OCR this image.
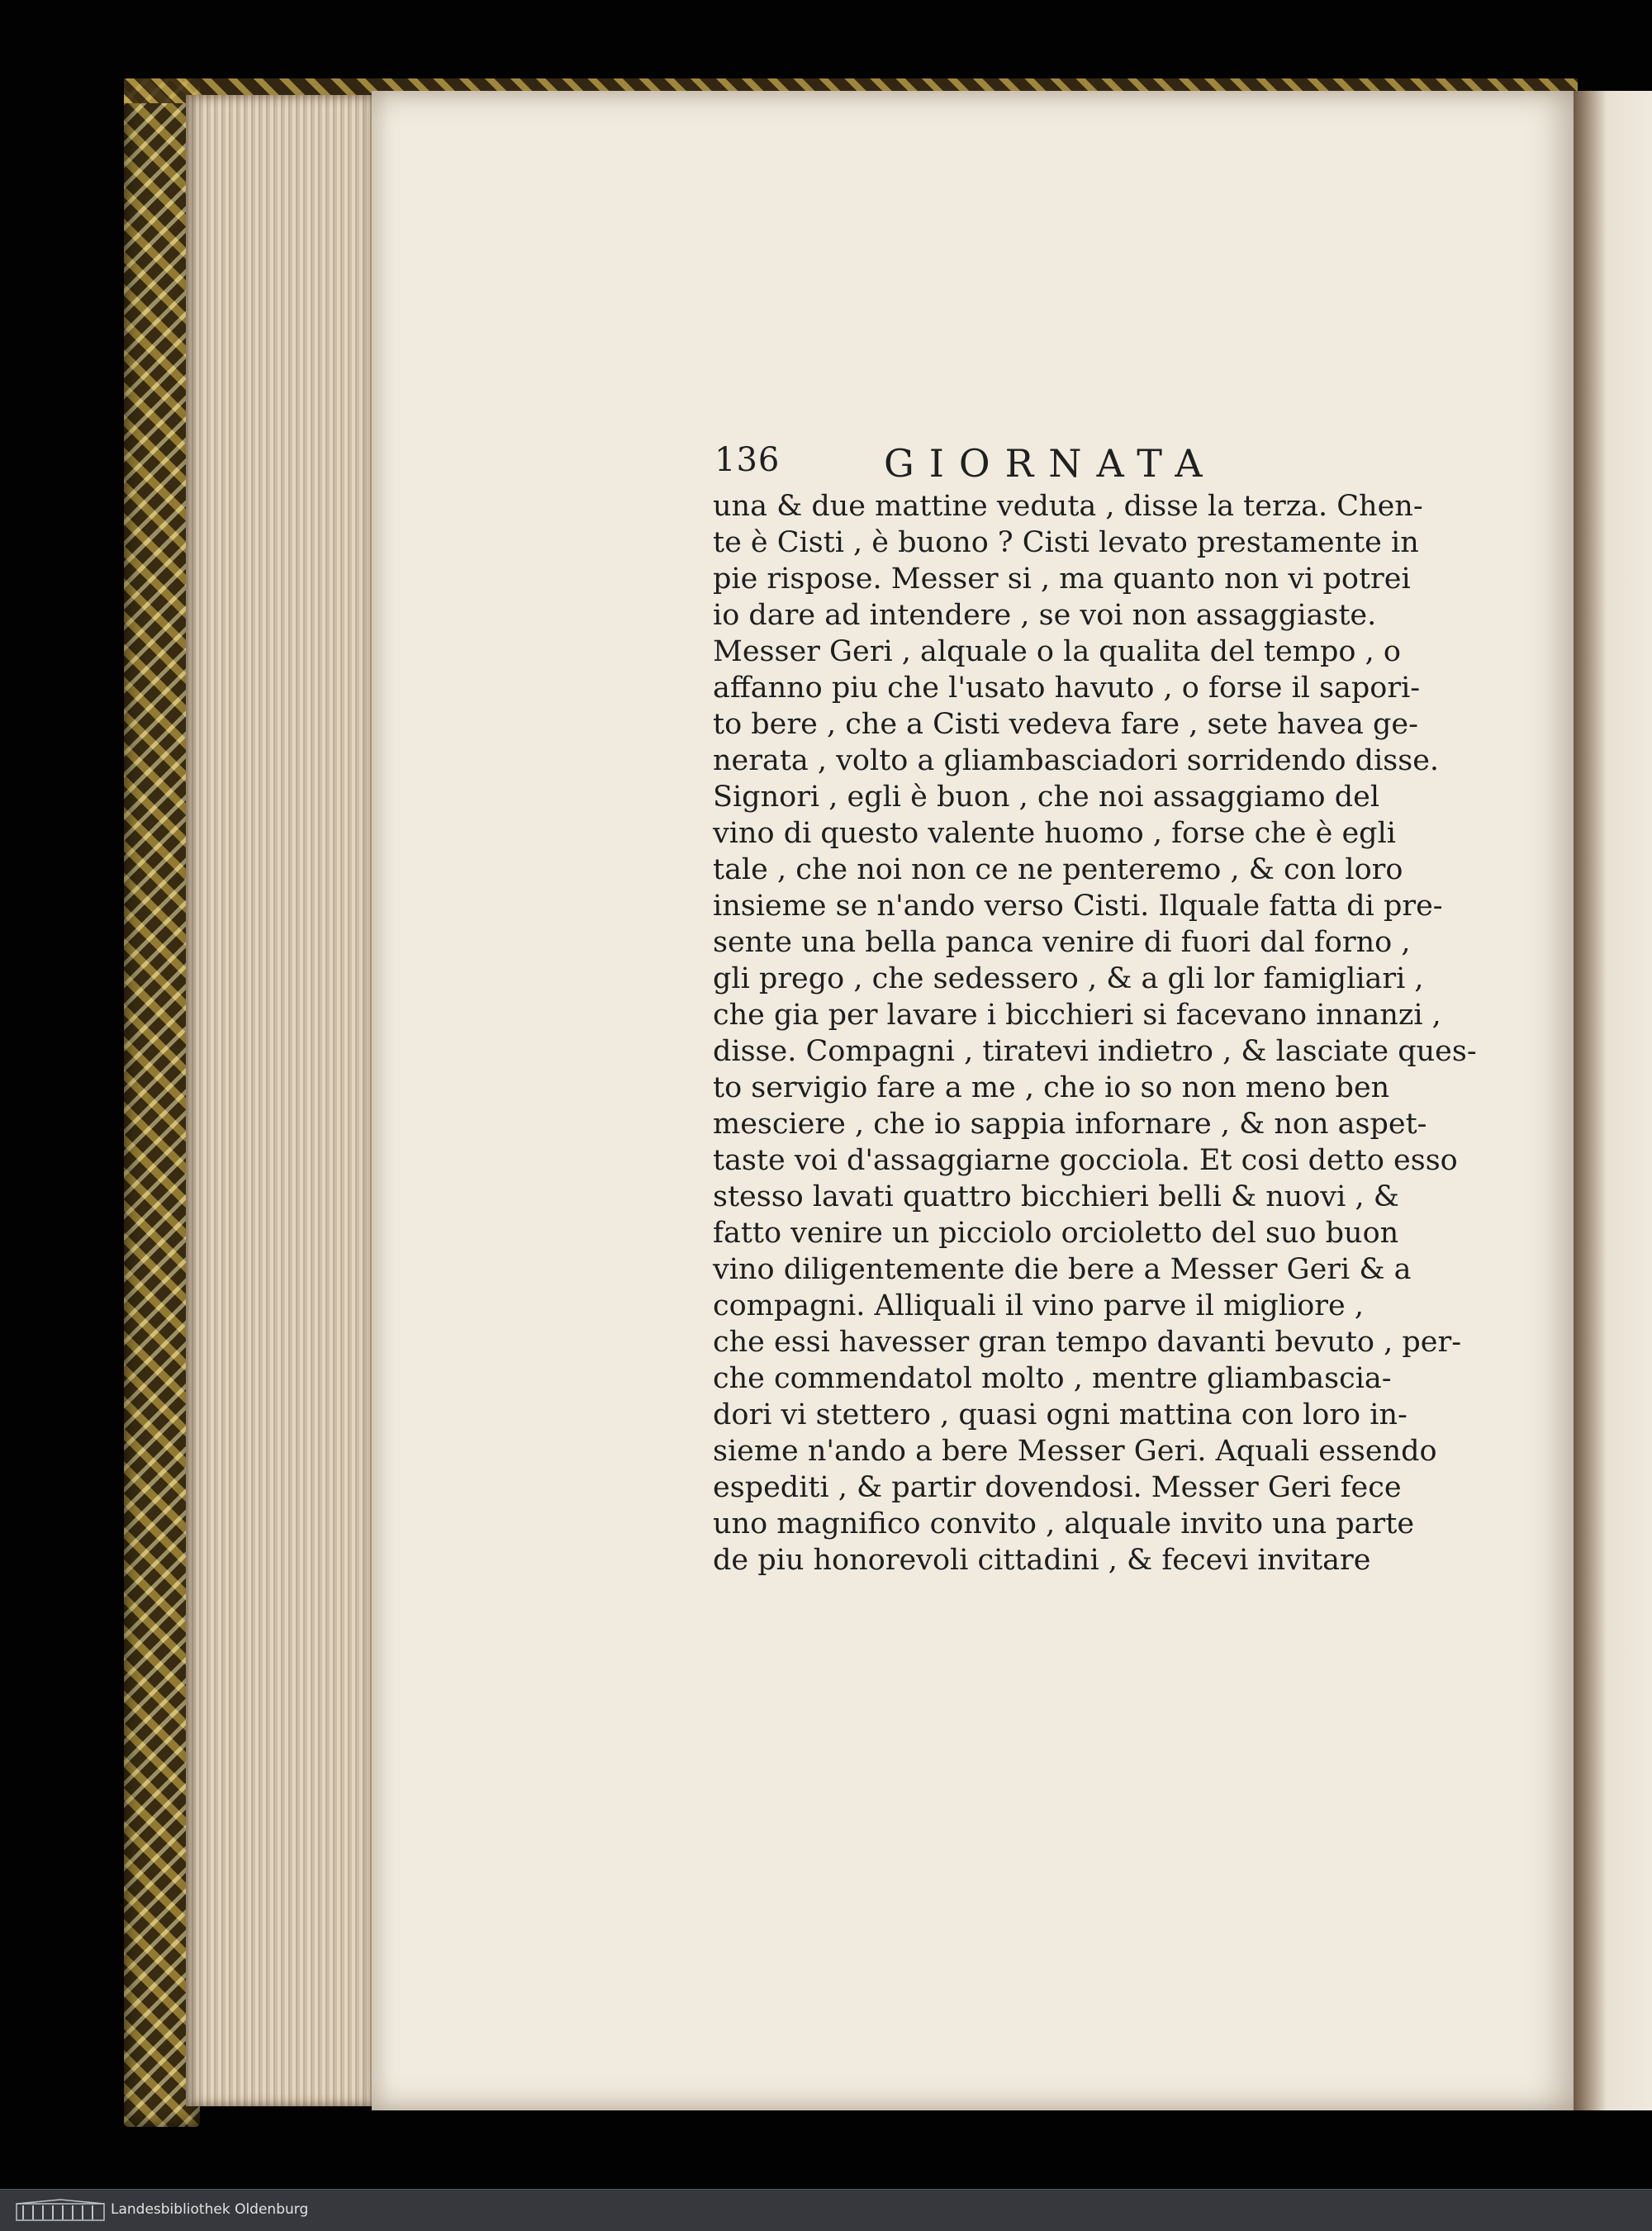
136	GIORNATA
una & due mattine veduta , disse la terza. Chen-
te è Cisti , è buono ? Cisti levato prestamente in
pie rispose. Messer si , ma quanto non vi potrei
io dare ad intendere , se voi non assaggiaste.
Messer Geri , alquale o la qualita del tempo , o
affanno piu che l'usato havuto , o forse il sapori-
to bere , che a Cisti vedeva fare , sete havea ge-
nerata , volto a gliambasciadori sorridendo disse.
Signori , egli è buon , che noi assaggiamo del
vino di questo valente huomo , forse che è egli
tale , che noi non ce ne penteremo , & con loro
insieme se n'ando verso Cisti. Ilquale fatta di pre-
sente una bella panca venire di fuori dal forno ,
gli prego , che sedessero , & a gli lor famigliari ,
che gia per lavare i bicchieri si facevano innanzi ,
disse. Compagni , tiratevi indietro , & lasciate ques-
to servigio fare a me , che io so non meno ben
mesciere , che io sappia infornare , & non aspet-
taste voi d'assaggiarne gocciola. Et cosi detto esso
stesso lavati quattro bicchieri belli & nuovi , &
fatto venire un picciolo orcioletto del suo buon
vino diligentemente die bere a Messer Geri & a
compagni. Alliquali il vino parve il migliore ,
che essi havesser gran tempo davanti bevuto , per-
che commendatol molto , mentre gliambascia-
dori vi stettero , quasi ogni mattina con loro in-
sieme n'ando a bere Messer Geri. Aquali essendo
espediti , & partir dovendosi. Messer Geri fece
uno magnifico convito , alquale invito una parte
de piu honorevoli cittadini , & fecevi invitare
Landesbibliothek Oldenburg
